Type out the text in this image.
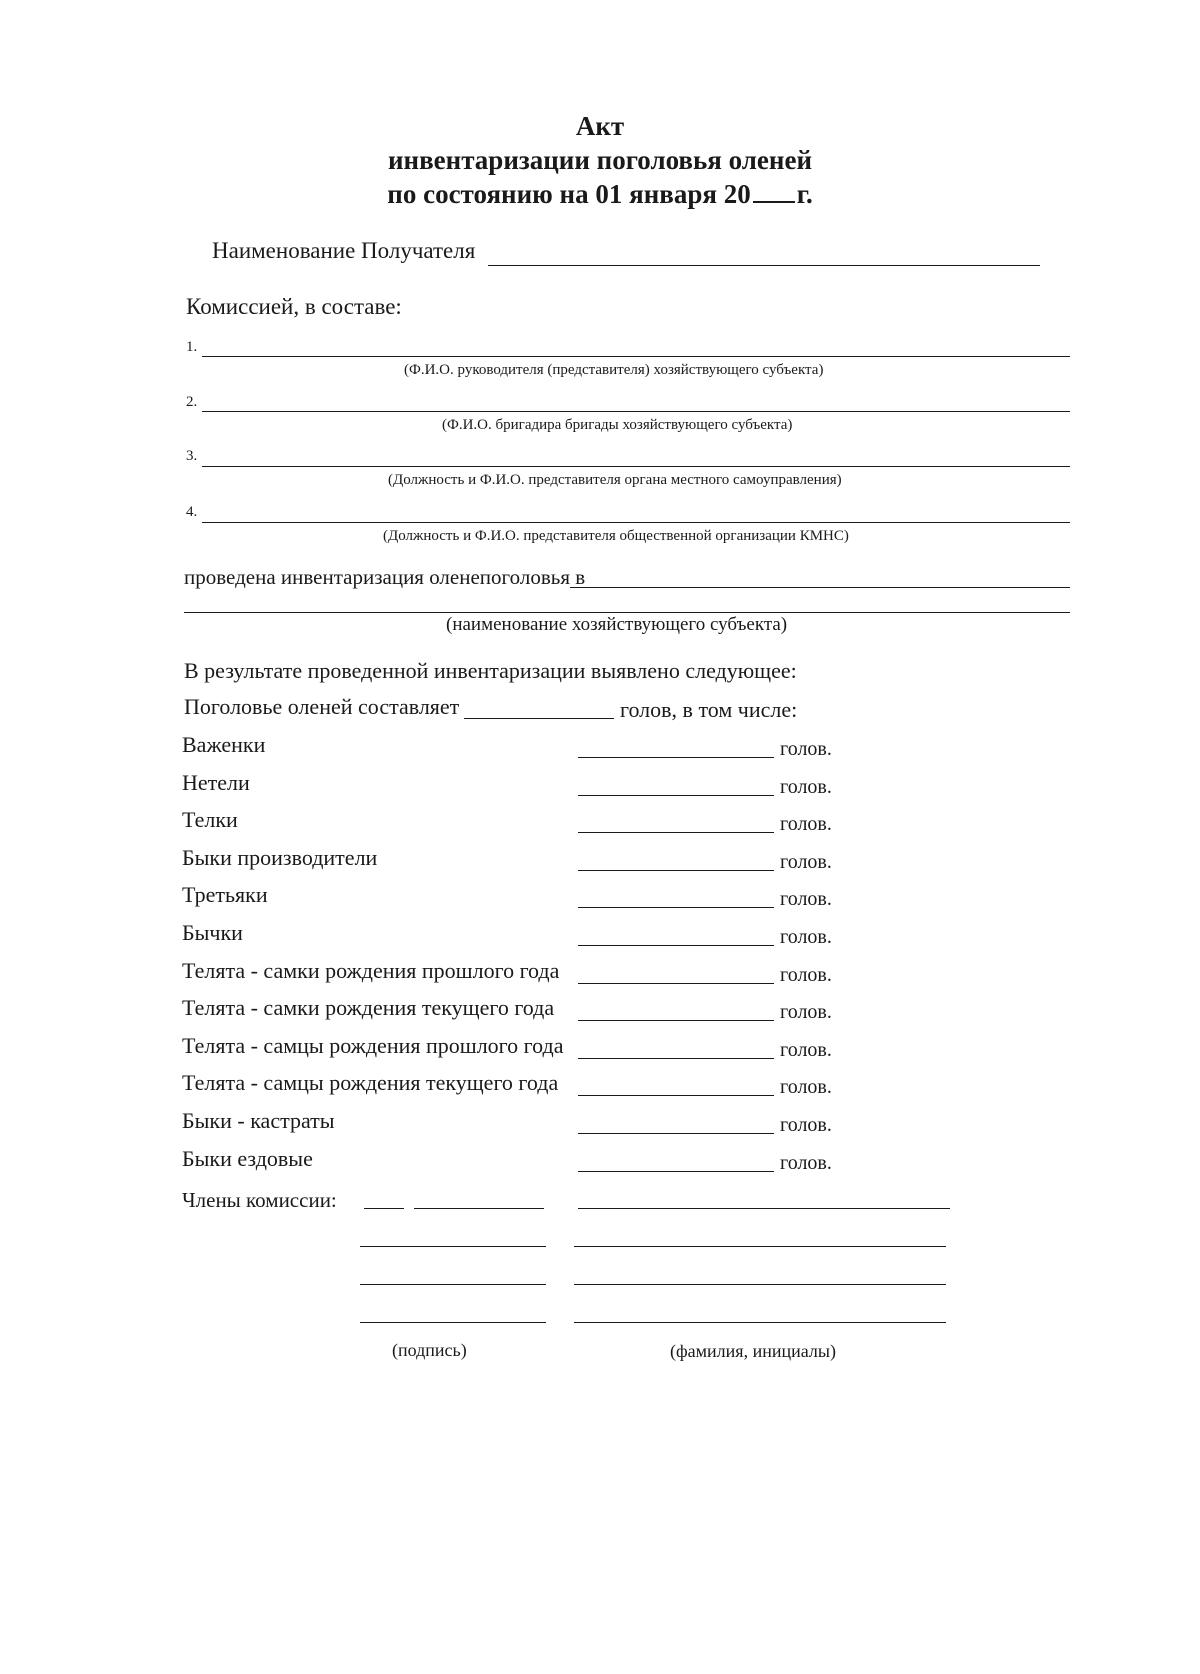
Акт
инвентаризации поголовья оленей
по состоянию на 01 января 20 г.
Наименование Получателя
Комиссией, в составе:
1.
(Ф.И.О. руководителя (представителя) хозяйствующего субъекта)
2.
(Ф.И.О. бригадира бригады хозяйствующего субъекта)
3.
(Должность и Ф.И.О. представителя органа местного самоуправления)
4.
(Должность и Ф.И.О. представителя общественной организации КМНС)
проведена инвентаризация оленепоголовья в
(наименование хозяйствующего субъекта)
В результате проведенной инвентаризации выявлено следующее:
Поголовье оленей составляет	голов, в том числе:
Важенки	голов.
Нетели	голов.
Телки	голов.
Быки производители	голов.
Третьяки	голов.
Бычки	голов.
Телята - самки рождения прошлого года	голов.
Телята - самки рождения текущего года	голов.
Телята - самцы рождения прошлого года	голов.
Телята - самцы рождения текущего года	голов.
Быки - кастраты	голов.
Быки ездовые	голов.
Члены комиссии:
(подпись)	(фамилия, инициалы)
